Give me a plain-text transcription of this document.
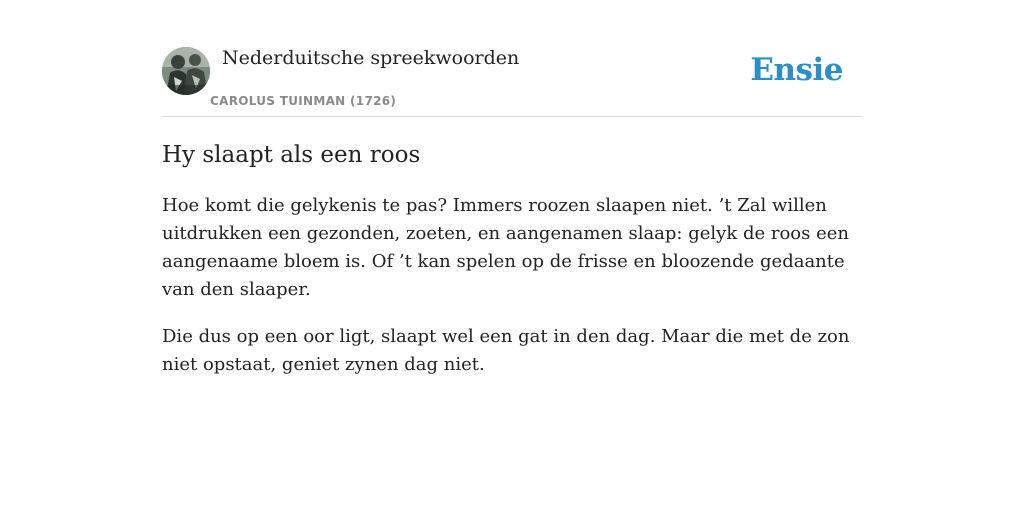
Nederduitsche spreekwoorden
CAROLUS TUINMAN (1726)
Ensie
Hy slaapt als een roos

Hoe komt die gelykenis te pas? Immers roozen slaapen niet. ’t Zal willen uitdrukken een gezonden, zoeten, en aangenamen slaap: gelyk de roos een aangenaame bloem is. Of ’t kan spelen op de frisse en bloozende gedaante van den slaaper.

Die dus op een oor ligt, slaapt wel een gat in den dag. Maar die met de zon niet opstaat, geniet zynen dag niet.
